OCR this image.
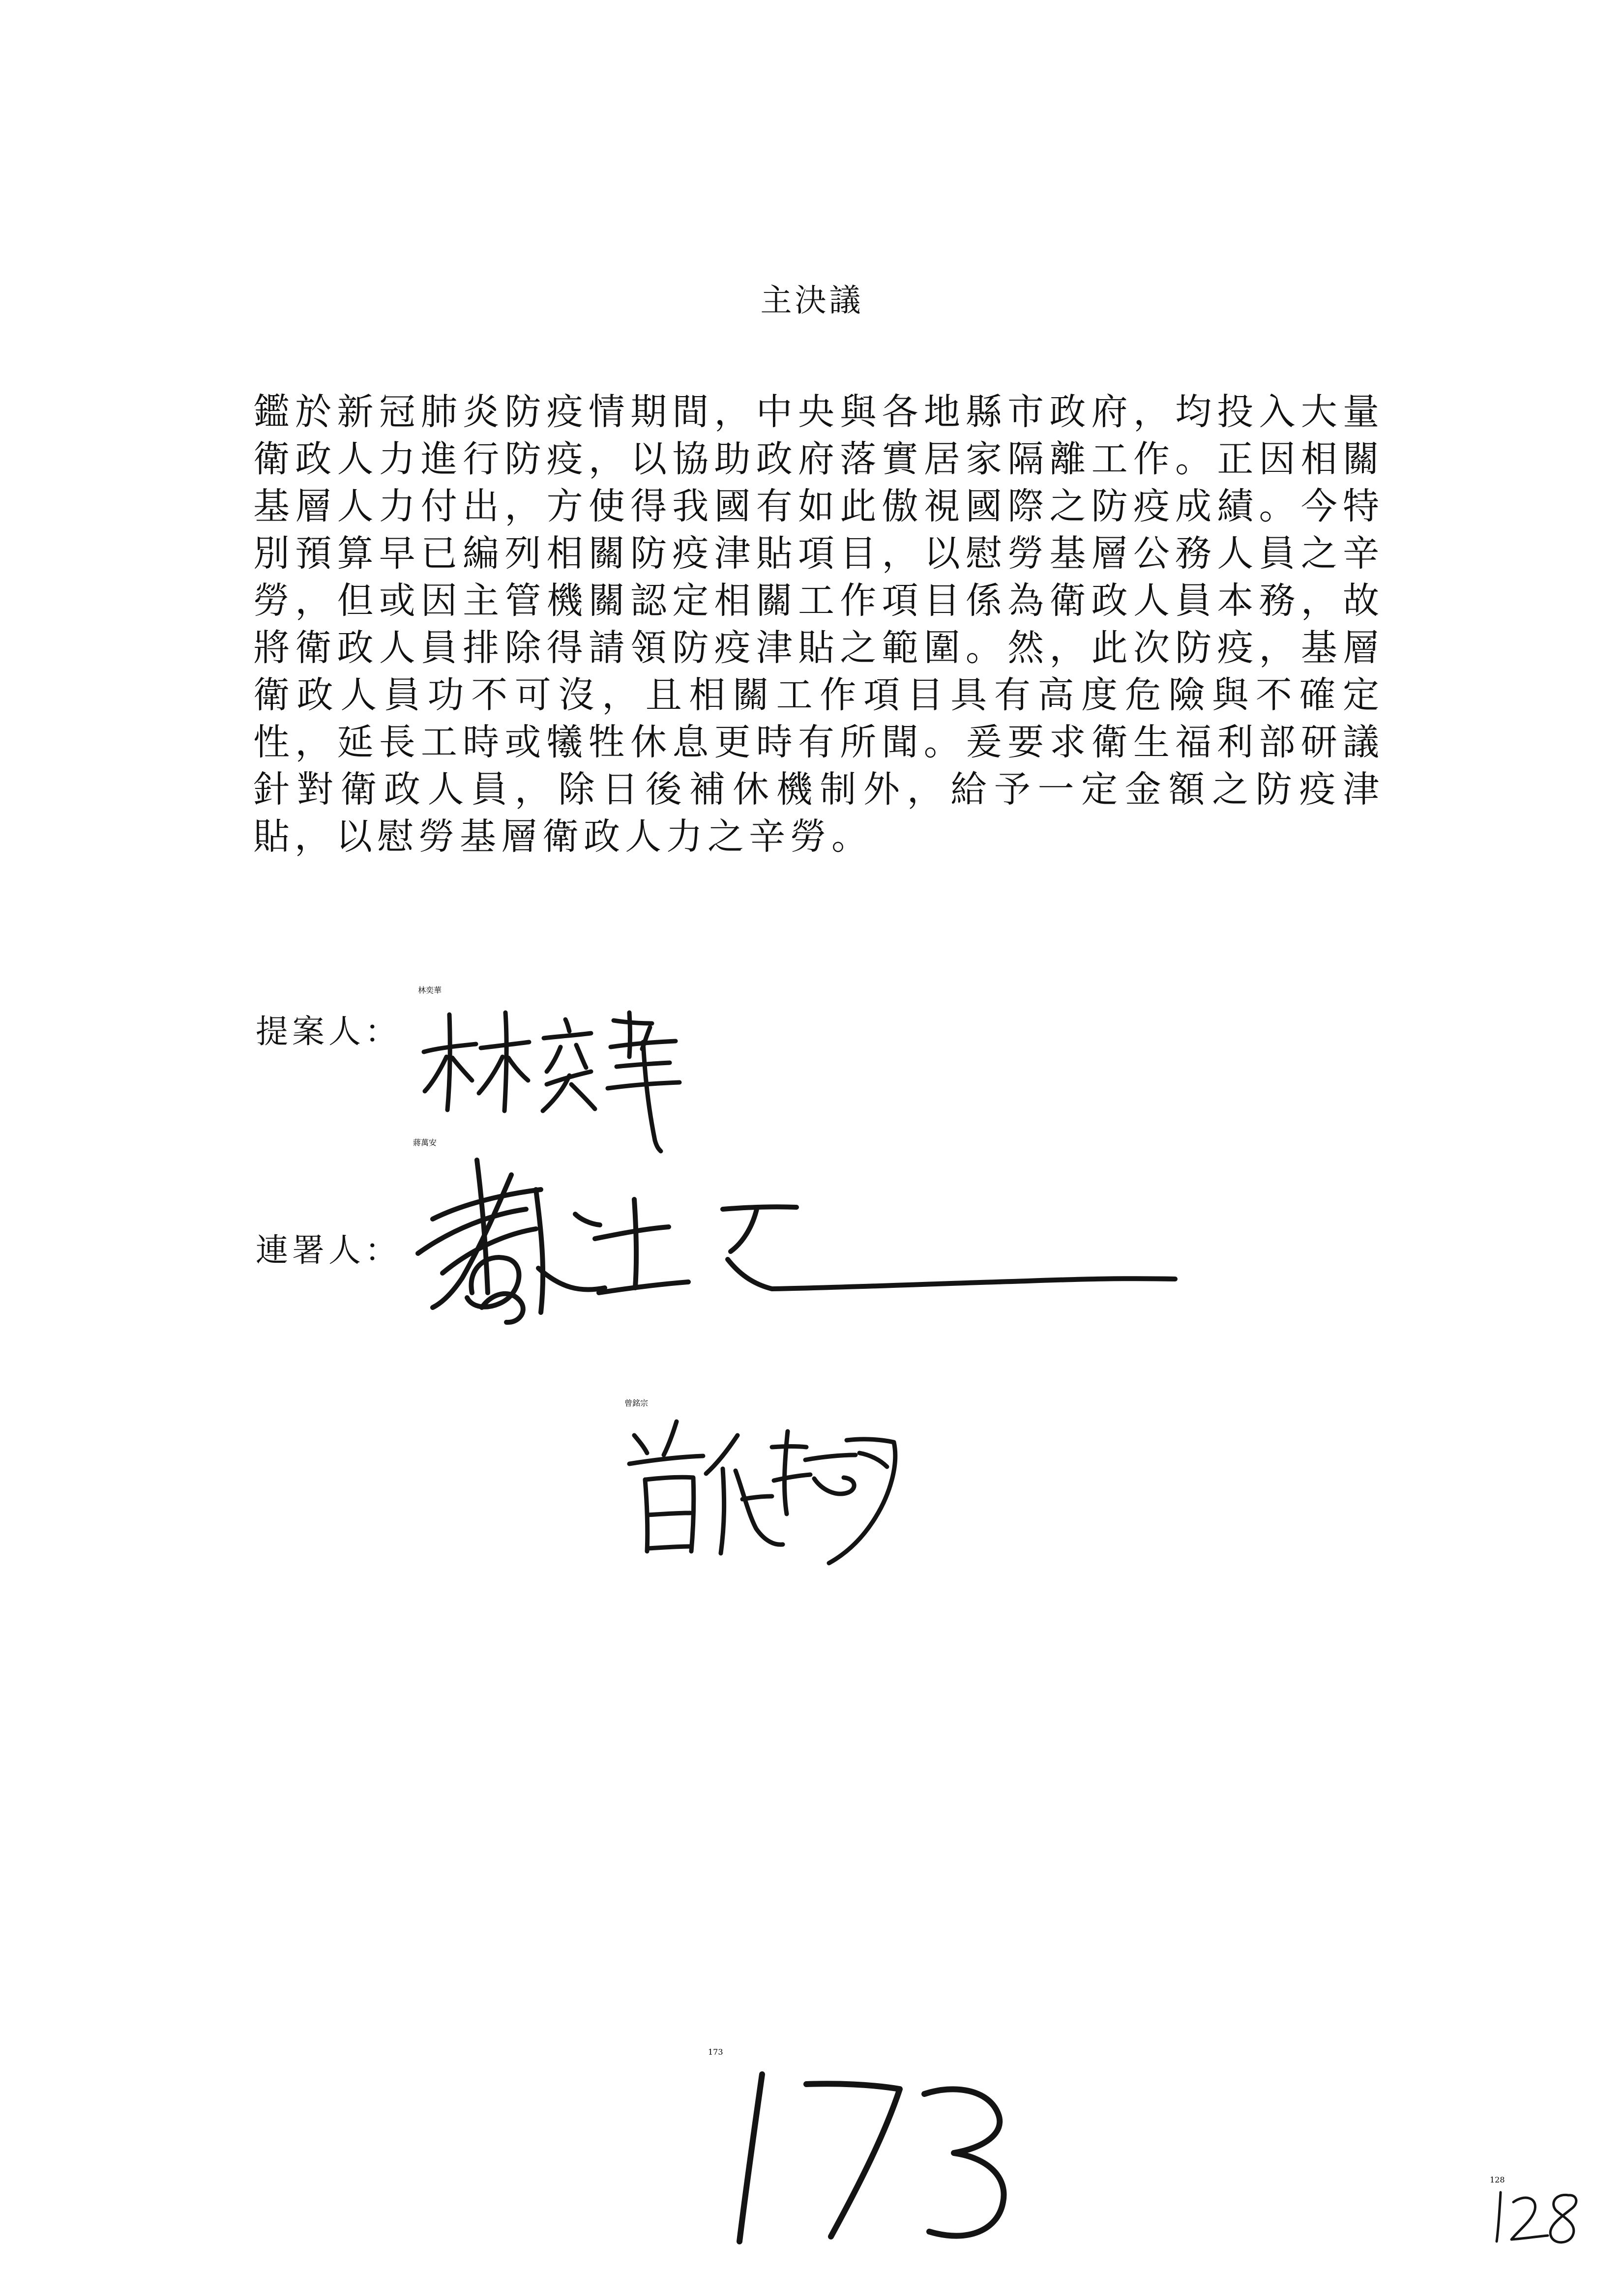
主決議

鑑於新冠肺炎防疫情期間，中央與各地縣市政府，均投入大量衛政人力進行防疫，以協助政府落實居家隔離工作。正因相關基層人力付出，方使得我國有如此傲視國際之防疫成績。今特別預算早已編列相關防疫津貼項目，以慰勞基層公務人員之辛勞，但或因主管機關認定相關工作項目係為衛政人員本務，故將衛政人員排除得請領防疫津貼之範圍。然，此次防疫，基層衛政人員功不可沒，且相關工作項目具有高度危險與不確定性，延長工時或犧牲休息更時有所聞。爰要求衛生福利部研議針對衛政人員，除日後補休機制外，給予一定金額之防疫津貼，以慰勞基層衛政人力之辛勞。

提案人：
林奕華
連署人：
蔣萬安
曾銘宗
173
128
